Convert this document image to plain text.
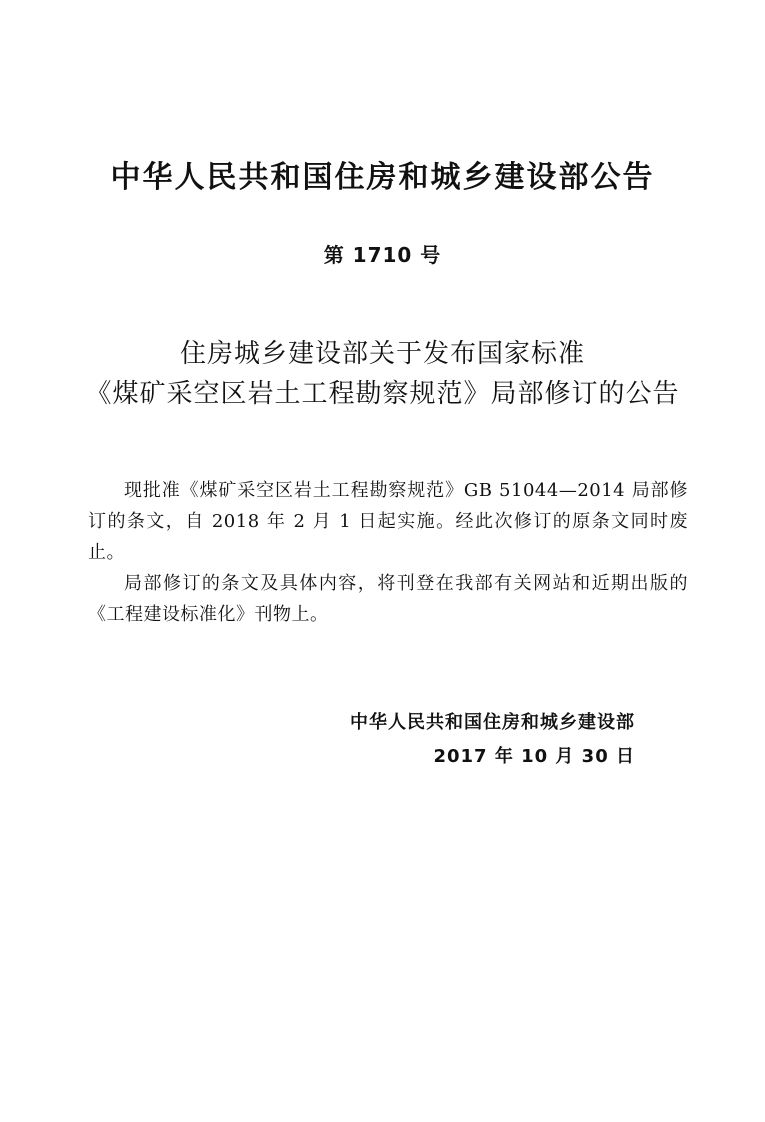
中华人民共和国住房和城乡建设部公告
第 1710 号
住房城乡建设部关于发布国家标准
《煤矿采空区岩土工程勘察规范》局部修订的公告

现批准《煤矿采空区岩土工程勘察规范》GB 51044—2014 局部修订的条文，自 2018 年 2 月 1 日起实施。经此次修订的原条文同时废止。

局部修订的条文及具体内容，将刊登在我部有关网站和近期出版的《工程建设标准化》刊物上。

中华人民共和国住房和城乡建设部
2017 年 10 月 30 日
